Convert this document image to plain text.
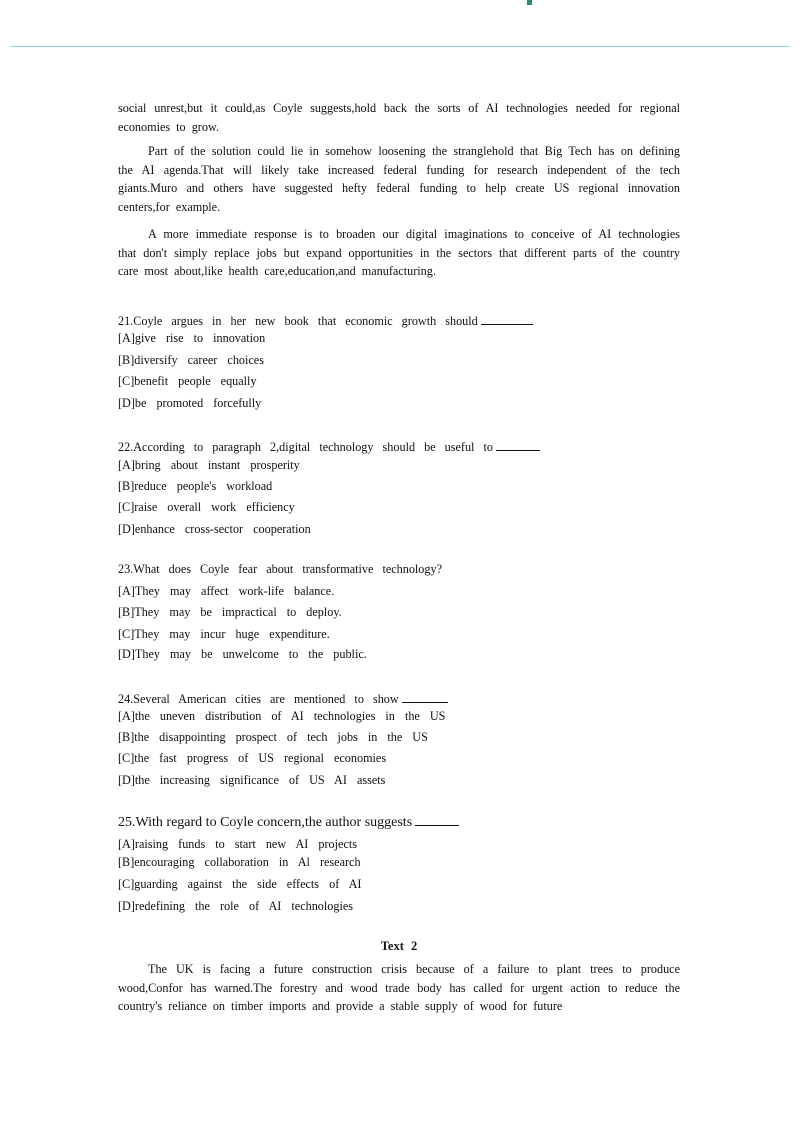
social unrest,but it could,as Coyle suggests,hold back the sorts of AI technologies needed for regional economies to grow.

Part of the solution could lie in somehow loosening the stranglehold that Big Tech has on defining the AI agenda.That will likely take increased federal funding for research independent of the tech giants.Muro and others have suggested hefty federal funding to help create US regional innovation centers,for example.

A more immediate response is to broaden our digital imaginations to conceive of AI technologies that don't simply replace jobs but expand opportunities in the sectors that different parts of the country care most about,like health care,education,and manufacturing.

21.Coyle argues in her new book that economic growth should
[A]give rise to innovation
[B]diversify career choices
[C]benefit people equally
[D]be promoted forcefully
22.According to paragraph 2,digital technology should be useful to
[A]bring about instant prosperity
[B]reduce people's workload
[C]raise overall work efficiency
[D]enhance cross-sector cooperation
23.What does Coyle fear about transformative technology?
[A]They may affect work-life balance.
[B]They may be impractical to deploy.
[C]They may incur huge expenditure.
[D]They may be unwelcome to the public.
24.Several American cities are mentioned to show
[A]the uneven distribution of AI technologies in the US
[B]the disappointing prospect of tech jobs in the US
[C]the fast progress of US regional economies
[D]the increasing significance of US AI assets
25.With regard to Coyle concern,the author suggests
[A]raising funds to start new AI projects
[B]encouraging collaboration in Al research
[C]guarding against the side effects of AI
[D]redefining the role of AI technologies
Text 2

The UK is facing a future construction crisis because of a failure to plant trees to produce wood,Confor has warned.The forestry and wood trade body has called for urgent action to reduce the country's reliance on timber imports and provide a stable supply of wood for future
